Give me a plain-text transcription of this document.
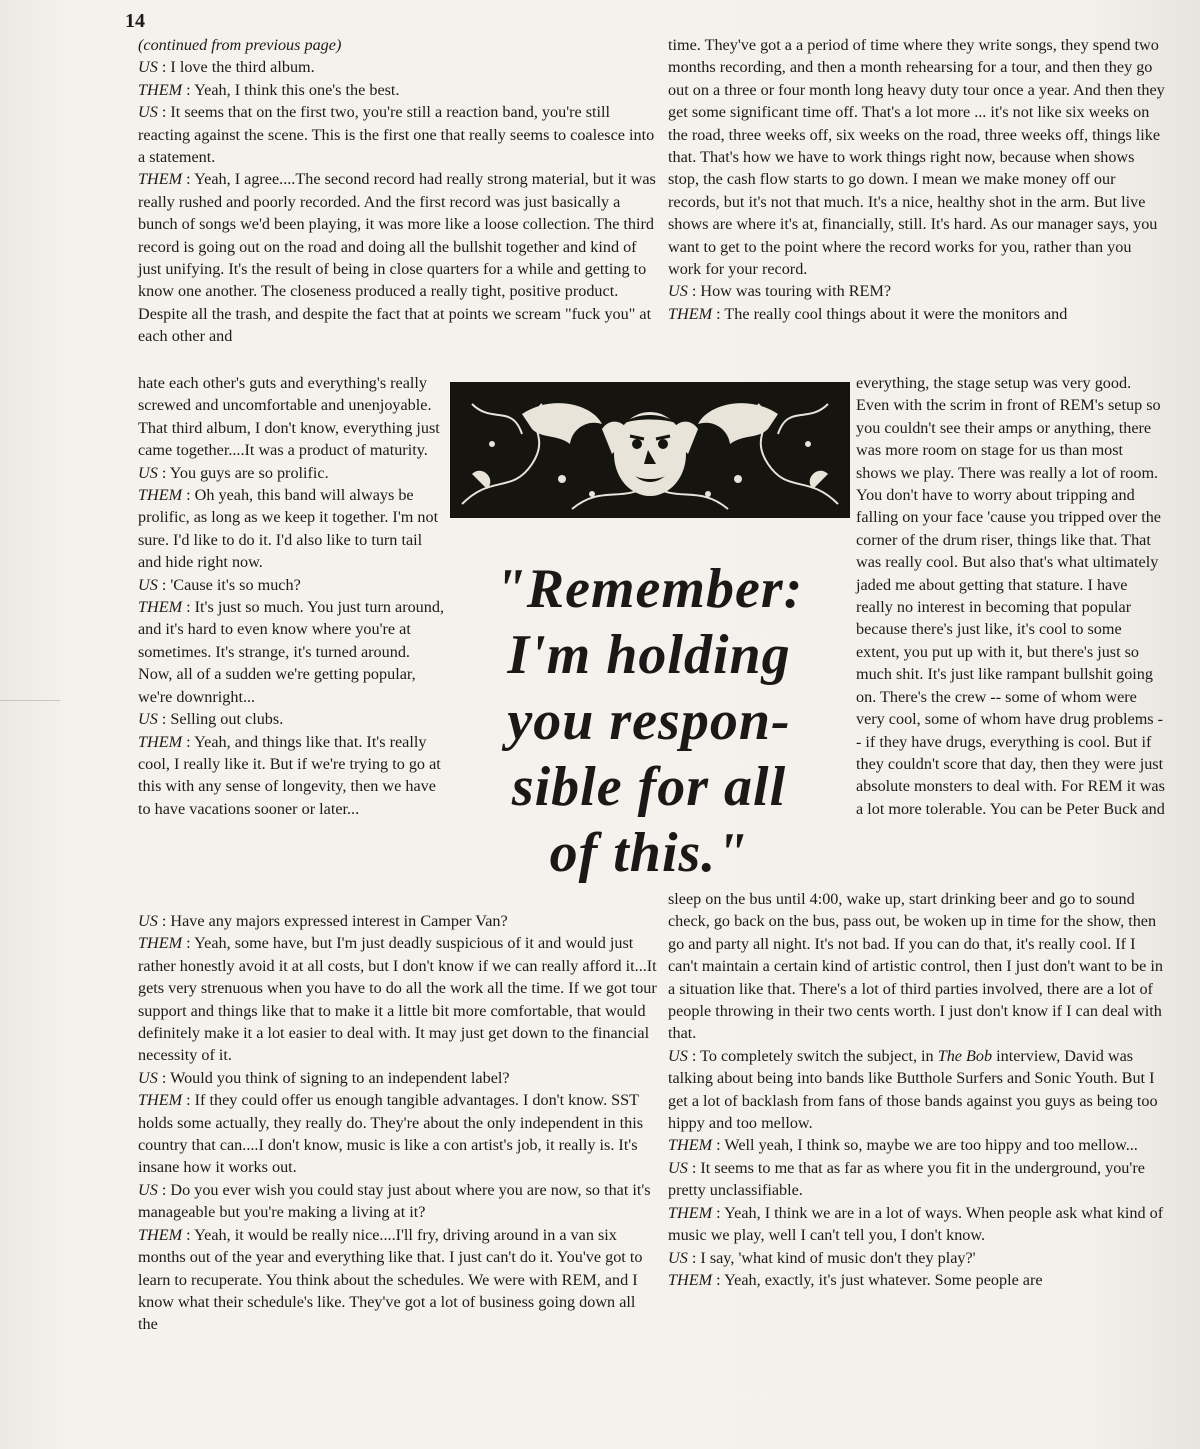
14

(continued from previous page)

US : I love the third album.

THEM : Yeah, I think this one's the best.

US : It seems that on the first two, you're still a reaction band, you're still reacting against the scene. This is the first one that really seems to coalesce into a statement.

THEM : Yeah, I agree....The second record had really strong material, but it was really rushed and poorly recorded. And the first record was just basically a bunch of songs we'd been playing, it was more like a loose collection. The third record is going out on the road and doing all the bullshit together and kind of just unifying. It's the result of being in close quarters for a while and getting to know one another. The closeness produced a really tight, positive product. Despite all the trash, and despite the fact that at points we scream "fuck you" at each other and

hate each other's guts and everything's really screwed and uncomfortable and unenjoyable. That third album, I don't know, everything just came together....It was a product of maturity.

US : You guys are so prolific.

THEM : Oh yeah, this band will always be prolific, as long as we keep it together. I'm not sure. I'd like to do it. I'd also like to turn tail and hide right now.

US : 'Cause it's so much?

THEM : It's just so much. You just turn around, and it's hard to even know where you're at sometimes. It's strange, it's turned around. Now, all of a sudden we're getting popular, we're downright...

US : Selling out clubs.

THEM : Yeah, and things like that. It's really cool, I really like it. But if we're trying to go at this with any sense of longevity, then we have to have vacations sooner or later...

US : Have any majors expressed interest in Camper Van?

THEM : Yeah, some have, but I'm just deadly suspicious of it and would just rather honestly avoid it at all costs, but I don't know if we can really afford it...It gets very strenuous when you have to do all the work all the time. If we got tour support and things like that to make it a little bit more comfortable, that would definitely make it a lot easier to deal with. It may just get down to the financial necessity of it.

US : Would you think of signing to an independent label?

THEM : If they could offer us enough tangible advantages. I don't know. SST holds some actually, they really do. They're about the only independent in this country that can....I don't know, music is like a con artist's job, it really is. It's insane how it works out.

US : Do you ever wish you could stay just about where you are now, so that it's manageable but you're making a living at it?

THEM : Yeah, it would be really nice....I'll fry, driving around in a van six months out of the year and everything like that. I just can't do it. You've got to learn to recuperate. You think about the schedules. We were with REM, and I know what their schedule's like. They've got a lot of business going down all the

time. They've got a a period of time where they write songs, they spend two months recording, and then a month rehearsing for a tour, and then they go out on a three or four month long heavy duty tour once a year. And then they get some significant time off. That's a lot more ... it's not like six weeks on the road, three weeks off, six weeks on the road, three weeks off, things like that. That's how we have to work things right now, because when shows stop, the cash flow starts to go down. I mean we make money off our records, but it's not that much. It's a nice, healthy shot in the arm. But live shows are where it's at, financially, still. It's hard. As our manager says, you want to get to the point where the record works for you, rather than you work for your record.

US : How was touring with REM?

THEM : The really cool things about it were the monitors and

everything, the stage setup was very good. Even with the scrim in front of REM's setup so you couldn't see their amps or anything, there was more room on stage for us than most shows we play. There was really a lot of room. You don't have to worry about tripping and falling on your face 'cause you tripped over the corner of the drum riser, things like that. That was really cool. But also that's what ultimately jaded me about getting that stature. I have really no interest in becoming that popular because there's just like, it's cool to some extent, you put up with it, but there's just so much shit. It's just like rampant bullshit going on. There's the crew -- some of whom were very cool, some of whom have drug problems -- if they have drugs, everything is cool. But if they couldn't score that day, then they were just absolute monsters to deal with. For REM it was a lot more tolerable. You can be Peter Buck and

sleep on the bus until 4:00, wake up, start drinking beer and go to sound check, go back on the bus, pass out, be woken up in time for the show, then go and party all night. It's not bad. If you can do that, it's really cool. If I can't maintain a certain kind of artistic control, then I just don't want to be in a situation like that. There's a lot of third parties involved, there are a lot of people throwing in their two cents worth. I just don't know if I can deal with that.

US : To completely switch the subject, in The Bob interview, David was talking about being into bands like Butthole Surfers and Sonic Youth. But I get a lot of backlash from fans of those bands against you guys as being too hippy and too mellow.

THEM : Well yeah, I think so, maybe we are too hippy and too mellow...

US : It seems to me that as far as where you fit in the underground, you're pretty unclassifiable.

THEM : Yeah, I think we are in a lot of ways. When people ask what kind of music we play, well I can't tell you, I don't know.

US : I say, 'what kind of music don't they play?'

THEM : Yeah, exactly, it's just whatever. Some people are

"Remember:
I'm holding
you respon-
sible for all
of this."
